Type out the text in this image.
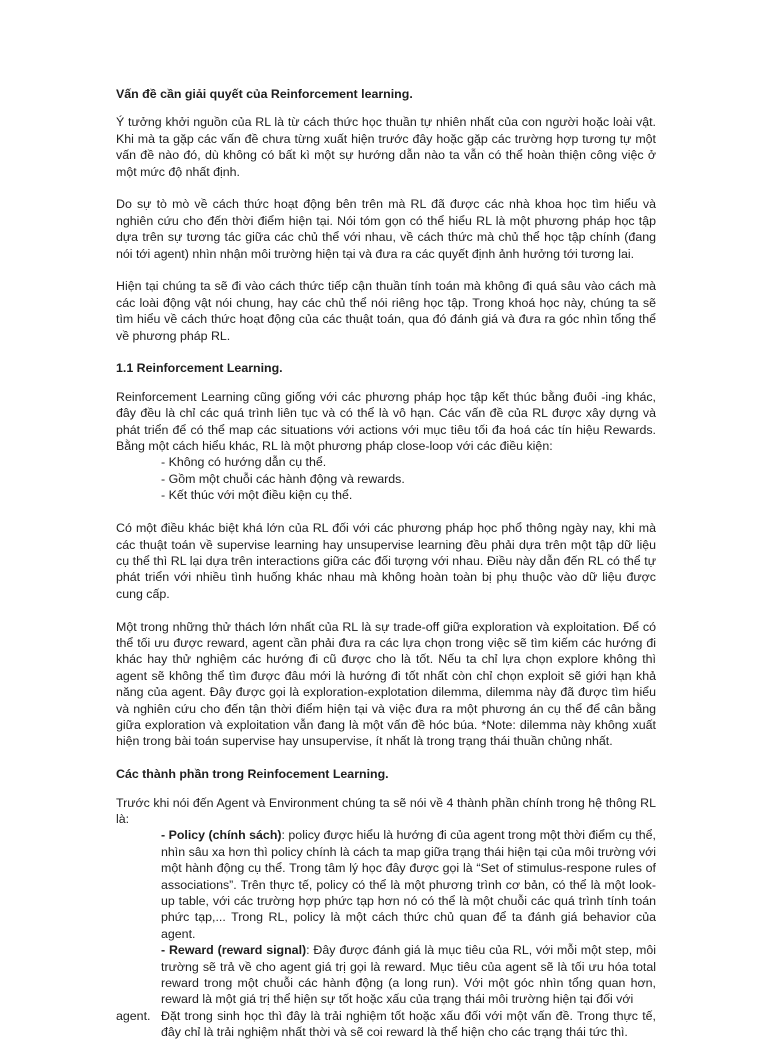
Vấn đề cần giải quyết của Reinforcement learning.

Ý tưởng khởi nguồn của RL là từ cách thức học thuần tự nhiên nhất của con người hoặc loài vật. Khi mà ta gặp các vấn đề chưa từng xuất hiện trước đây hoặc gặp các trường hợp tương tự một vấn đề nào đó, dù không có bất kì một sự hướng dẫn nào ta vẫn có thể hoàn thiện công việc ở một mức độ nhất định.

Do sự tò mò về cách thức hoạt động bên trên mà RL đã được các nhà khoa học tìm hiểu và nghiên cứu cho đến thời điểm hiện tại. Nói tóm gọn có thể hiểu RL là một phương pháp học tập dựa trên sự tương tác giữa các chủ thể với nhau, về cách thức mà chủ thể học tập chính (đang nói tới agent) nhìn nhận môi trường hiện tại và đưa ra các quyết định ảnh hưởng tới tương lai.

Hiện tại chúng ta sẽ đi vào cách thức tiếp cận thuần tính toán mà không đi quá sâu vào cách mà các loài động vật nói chung, hay các chủ thể nói riêng học tập. Trong khoá học này, chúng ta sẽ tìm hiểu về cách thức hoạt động của các thuật toán, qua đó đánh giá và đưa ra góc nhìn tổng thể về phương pháp RL.

1.1 Reinforcement Learning.
Reinforcement Learning cũng giống với các phương pháp học tập kết thúc bằng đuôi -ing khác, đây đều là chỉ các quá trình liên tục và có thể là vô hạn. Các vấn đề của RL được xây dựng và phát triển để có thể map các situations với actions với mục tiêu tối đa hoá các tín hiệu Rewards. Bằng một cách hiểu khác, RL là một phương pháp close-loop với các điều kiện:
- Không có hướng dẫn cụ thể.
- Gồm một chuỗi các hành động và rewards.
- Kết thúc với một điều kiện cụ thể.

Có một điều khác biệt khá lớn của RL đối với các phương pháp học phổ thông ngày nay, khi mà các thuật toán về supervise learning hay unsupervise learning đều phải dựa trên một tập dữ liệu cụ thể thì RL lại dựa trên interactions giữa các đối tượng với nhau. Điều này dẫn đến RL có thể tự phát triển với nhiều tình huống khác nhau mà không hoàn toàn bị phụ thuộc vào dữ liệu được cung cấp.

Một trong những thử thách lớn nhất của RL là sự trade-off giữa exploration và exploitation. Để có thể tối ưu được reward, agent cần phải đưa ra các lựa chọn trong việc sẽ tìm kiếm các hướng đi khác hay thử nghiệm các hướng đi cũ được cho là tốt. Nếu ta chỉ lựa chọn explore không thì agent sẽ không thể tìm được đâu mới là hướng đi tốt nhất còn chỉ chọn exploit sẽ giới hạn khả năng của agent. Đây được gọi là exploration-explotation dilemma, dilemma này đã được tìm hiểu và nghiên cứu cho đến tận thời điểm hiện tại và việc đưa ra một phương án cụ thể để cân bằng giữa exploration và exploitation vẫn đang là một vấn đề hóc búa. *Note: dilemma này không xuất hiện trong bài toán supervise hay unsupervise, ít nhất là trong trạng thái thuần chủng nhất.

Các thành phần trong Reinfocement Learning.
Trước khi nói đến Agent và Environment chúng ta sẽ nói về 4 thành phần chính trong hệ thông RL là:
- Policy (chính sách): policy được hiểu là hướng đi của agent trong một thời điểm cụ thể, nhìn sâu xa hơn thì policy chính là cách ta map giữa trạng thái hiện tại của môi trường với một hành động cụ thể. Trong tâm lý học đây được gọi là “Set of stimulus-respone rules of associations”. Trên thực tế, policy có thể là một phương trình cơ bản, có thể là một look-up table, với các trường hợp phức tạp hơn nó có thể là một chuỗi các quá trình tính toán phức tạp,... Trong RL, policy là một cách thức chủ quan để ta đánh giá behavior của agent.
- Reward (reward signal): Đây được đánh giá là mục tiêu của RL, với mỗi một step, môi trường sẽ trả về cho agent giá trị gọi là reward. Mục tiêu của agent sẽ là tối ưu hóa total reward trong một chuỗi các hành động (a long run). Với một góc nhìn tổng quan hơn, reward là một giá trị thể hiện sự tốt hoặc xấu của trạng thái môi trường hiện tại đối với
agent. Đặt trong sinh học thì đây là trải nghiệm tốt hoặc xấu đối với một vấn đề. Trong thực tế, đây chỉ là trải nghiệm nhất thời và sẽ coi reward là thể hiện cho các trạng thái tức thì.
